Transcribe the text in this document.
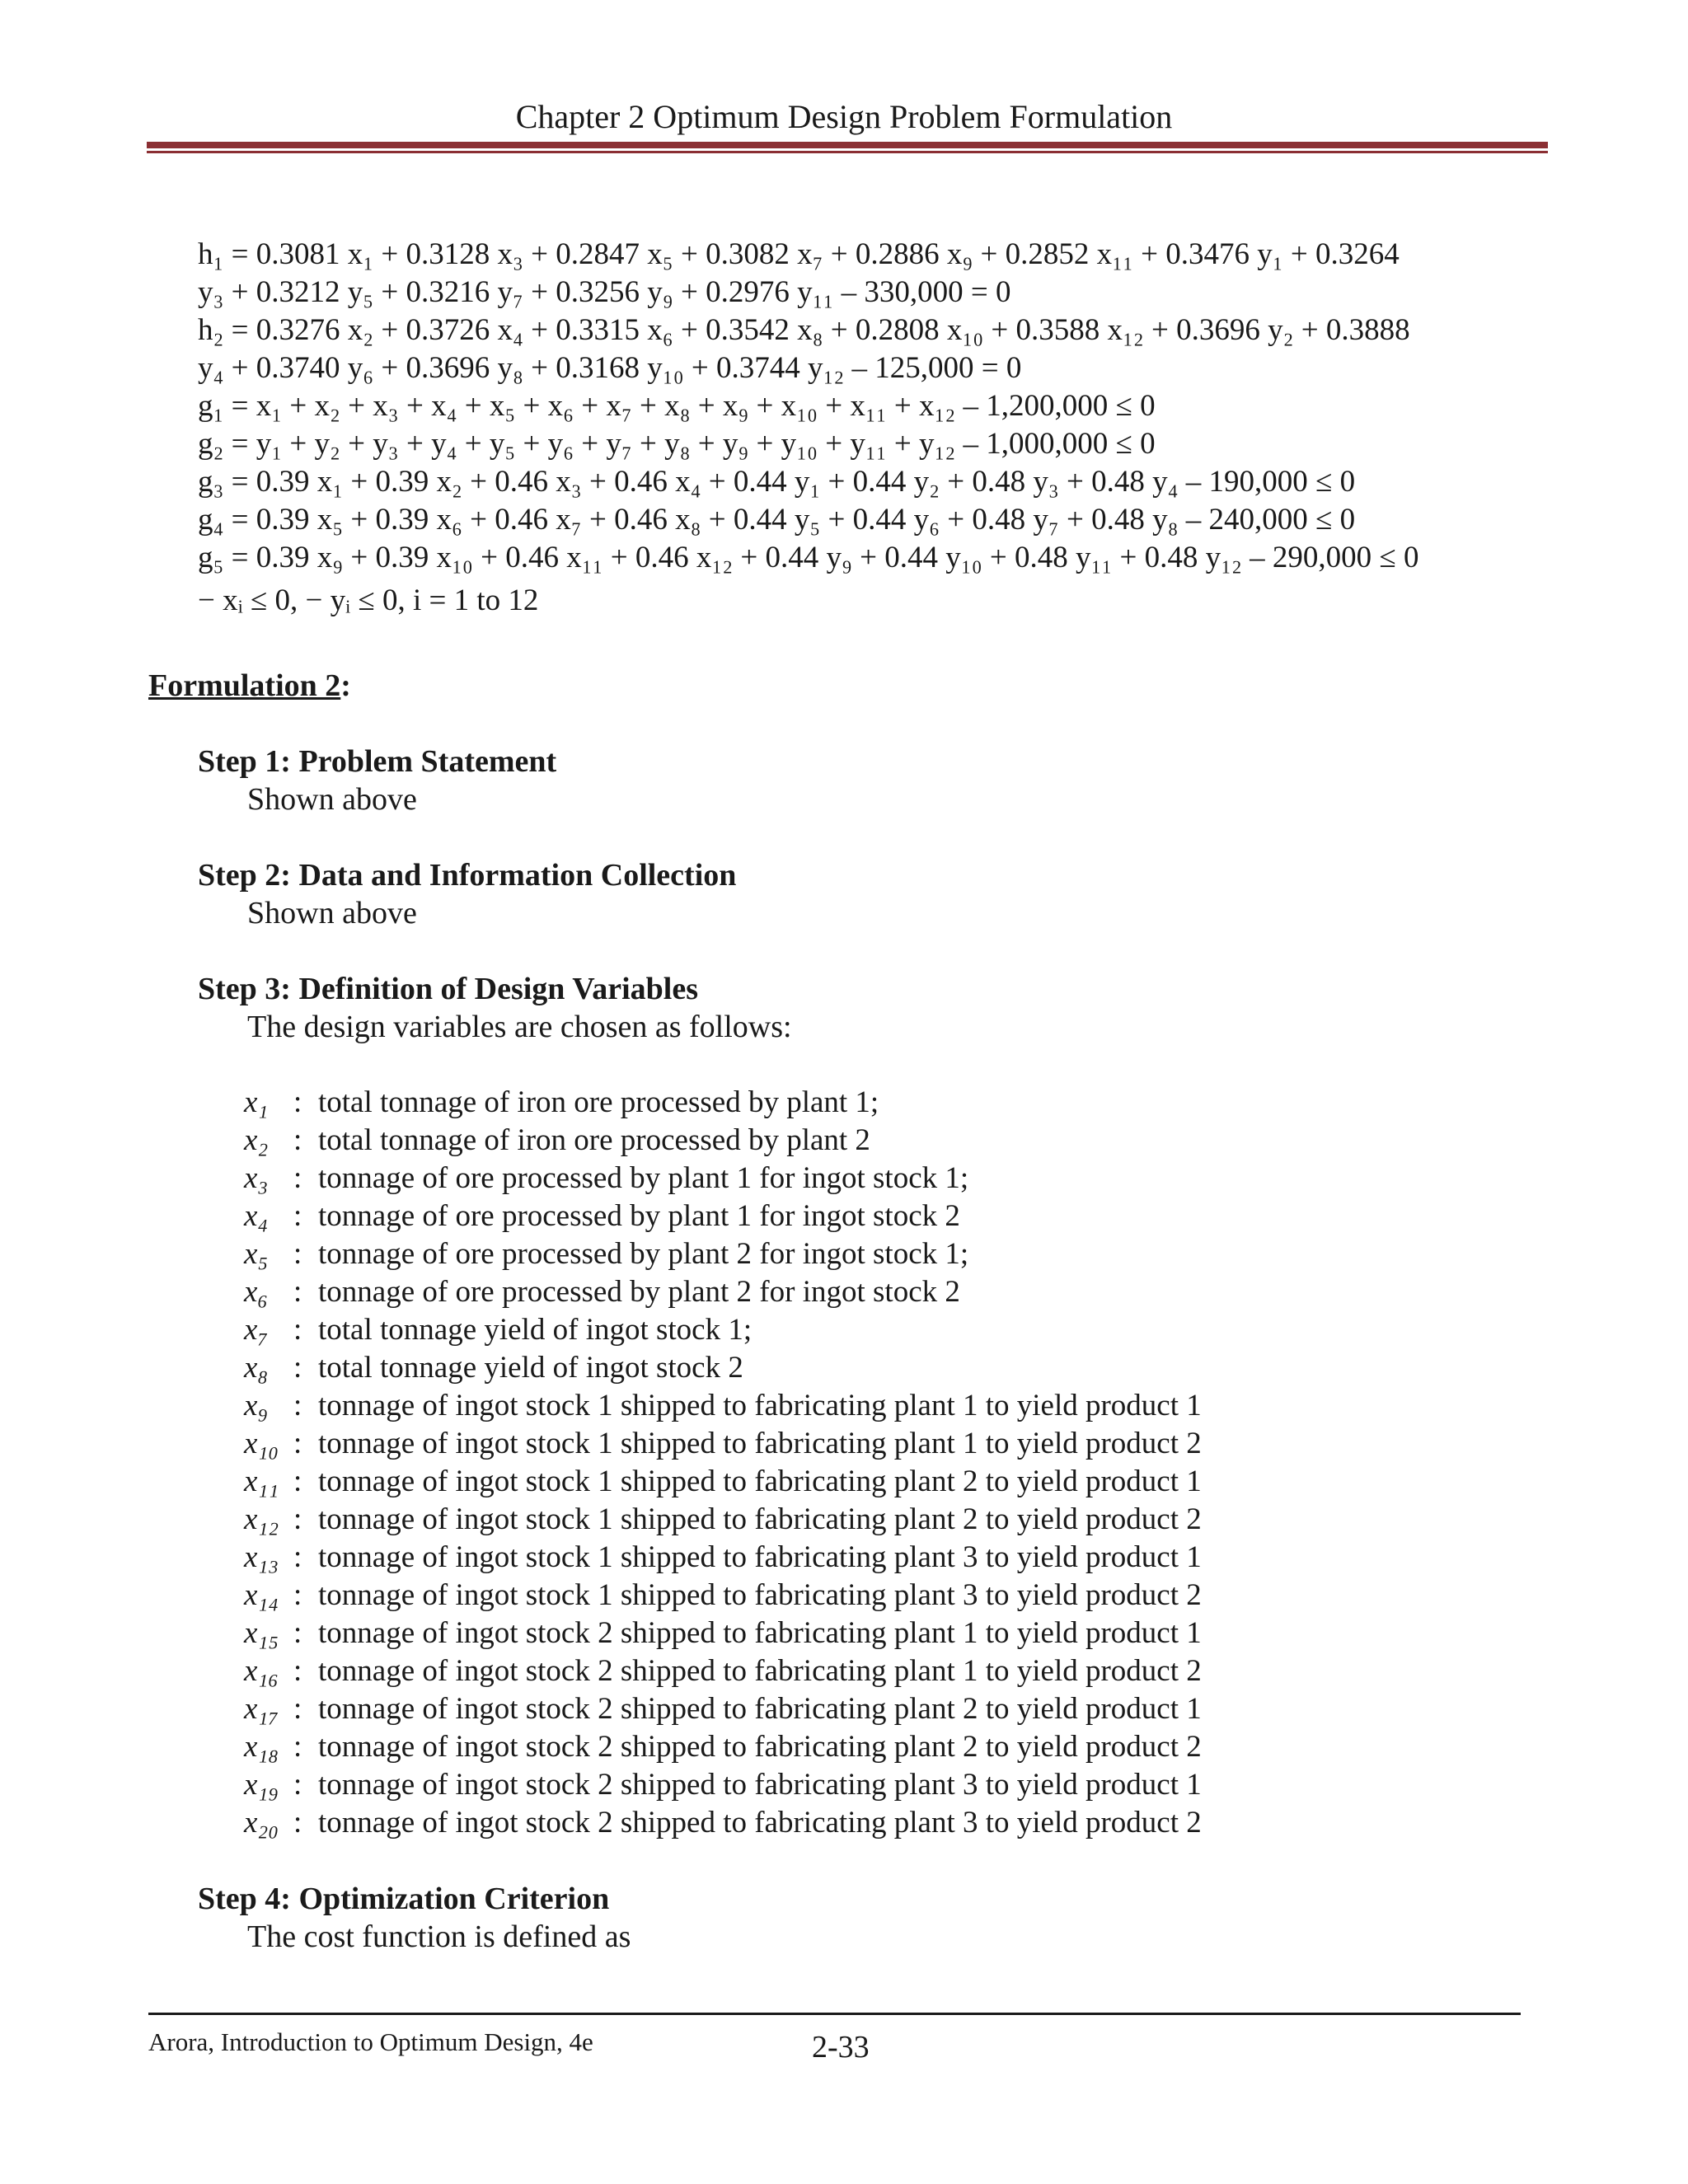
Chapter 2 Optimum Design Problem Formulation
h₁ = 0.3081 x₁ + 0.3128 x₃ + 0.2847 x₅ + 0.3082 x₇ + 0.2886 x₉ + 0.2852 x₁₁ + 0.3476 y₁ + 0.3264
y₃ + 0.3212 y₅ + 0.3216 y₇ + 0.3256 y₉ + 0.2976 y₁₁ – 330,000 = 0
h₂ = 0.3276 x₂ + 0.3726 x₄ + 0.3315 x₆ + 0.3542 x₈ + 0.2808 x₁₀ + 0.3588 x₁₂ + 0.3696 y₂ + 0.3888
y₄ + 0.3740 y₆ + 0.3696 y₈ + 0.3168 y₁₀ + 0.3744 y₁₂ – 125,000 = 0
g₁ = x₁ + x₂ + x₃ + x₄ + x₅ + x₆ + x₇ + x₈ + x₉ + x₁₀ + x₁₁ + x₁₂ – 1,200,000 ≤ 0
g₂ = y₁ + y₂ + y₃ + y₄ + y₅ + y₆ + y₇ + y₈ + y₉ + y₁₀ + y₁₁ + y₁₂ – 1,000,000 ≤ 0
g₃ = 0.39 x₁ + 0.39 x₂ + 0.46 x₃ + 0.46 x₄ + 0.44 y₁ + 0.44 y₂ + 0.48 y₃ + 0.48 y₄ – 190,000 ≤ 0
g₄ = 0.39 x₅ + 0.39 x₆ + 0.46 x₇ + 0.46 x₈ + 0.44 y₅ + 0.44 y₆ + 0.48 y₇ + 0.48 y₈ – 240,000 ≤ 0
g₅ = 0.39 x₉ + 0.39 x₁₀ + 0.46 x₁₁ + 0.46 x₁₂ + 0.44 y₉ + 0.44 y₁₀ + 0.48 y₁₁ + 0.48 y₁₂ – 290,000 ≤ 0
− xᵢ ≤ 0, − yᵢ ≤ 0, i = 1 to 12
Formulation 2:
Step 1: Problem Statement
Shown above
Step 2: Data and Information Collection
Shown above
Step 3: Definition of Design Variables
The design variables are chosen as follows:
x₁ : total tonnage of iron ore processed by plant 1;
x₂ : total tonnage of iron ore processed by plant 2
x₃ : tonnage of ore processed by plant 1 for ingot stock 1;
x₄ : tonnage of ore processed by plant 1 for ingot stock 2
x₅ : tonnage of ore processed by plant 2 for ingot stock 1;
x₆ : tonnage of ore processed by plant 2 for ingot stock 2
x₇ : total tonnage yield of ingot stock 1;
x₈ : total tonnage yield of ingot stock 2
x₉ : tonnage of ingot stock 1 shipped to fabricating plant 1 to yield product 1
x₁₀ : tonnage of ingot stock 1 shipped to fabricating plant 1 to yield product 2
x₁₁ : tonnage of ingot stock 1 shipped to fabricating plant 2 to yield product 1
x₁₂ : tonnage of ingot stock 1 shipped to fabricating plant 2 to yield product 2
x₁₃ : tonnage of ingot stock 1 shipped to fabricating plant 3 to yield product 1
x₁₄ : tonnage of ingot stock 1 shipped to fabricating plant 3 to yield product 2
x₁₅ : tonnage of ingot stock 2 shipped to fabricating plant 1 to yield product 1
x₁₆ : tonnage of ingot stock 2 shipped to fabricating plant 1 to yield product 2
x₁₇ : tonnage of ingot stock 2 shipped to fabricating plant 2 to yield product 1
x₁₈ : tonnage of ingot stock 2 shipped to fabricating plant 2 to yield product 2
x₁₉ : tonnage of ingot stock 2 shipped to fabricating plant 3 to yield product 1
x₂₀ : tonnage of ingot stock 2 shipped to fabricating plant 3 to yield product 2
Step 4: Optimization Criterion
The cost function is defined as
Arora, Introduction to Optimum Design, 4e	2-33
